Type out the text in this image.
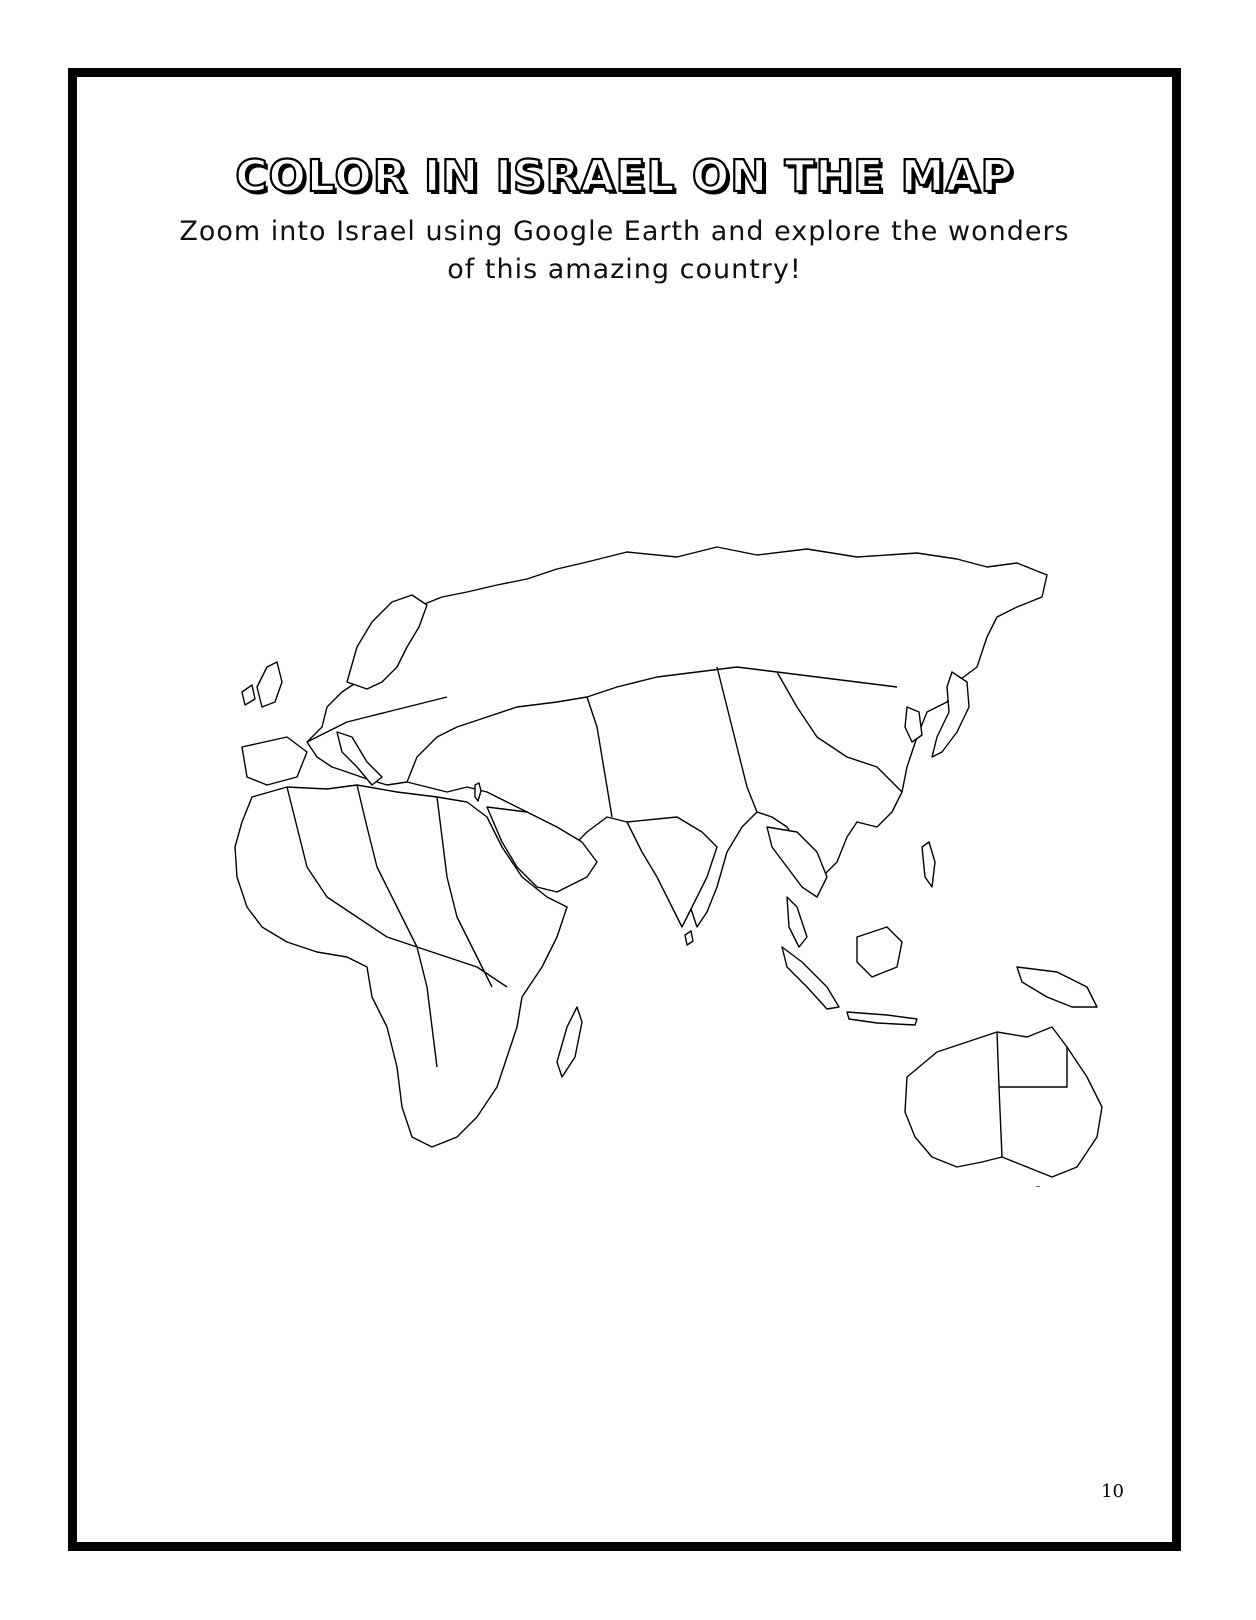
COLOR IN ISRAEL ON THE MAP
Zoom into Israel using Google Earth and explore the wonders
of this amazing country!
10
